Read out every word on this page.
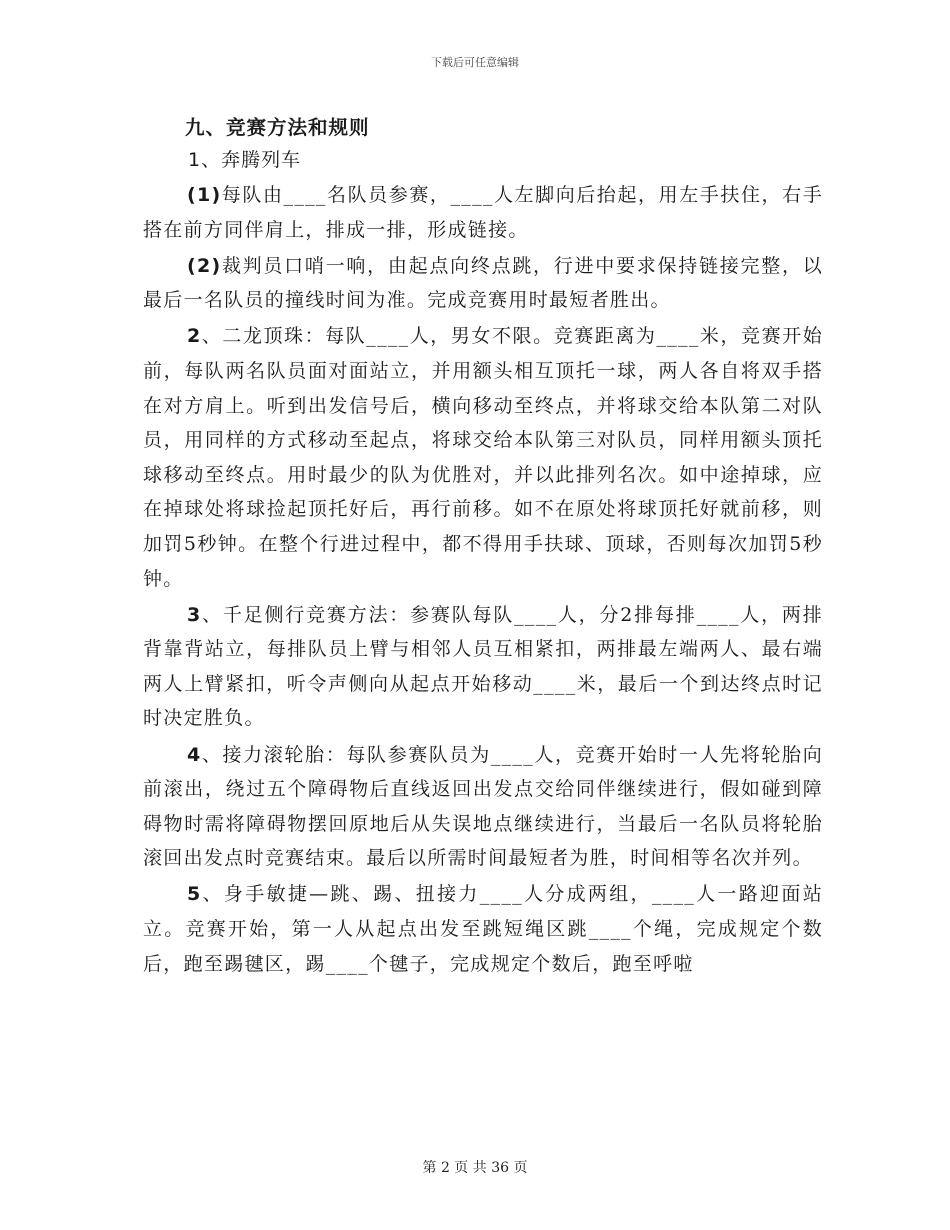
下载后可任意编辑
九、竞赛方法和规则
1、奔腾列车

(1)每队由____名队员参赛，____人左脚向后抬起，用左手扶住，右手搭在前方同伴肩上，排成一排，形成链接。

(2)裁判员口哨一响，由起点向终点跳，行进中要求保持链接完整，以最后一名队员的撞线时间为准。完成竞赛用时最短者胜出。

2、二龙顶珠：每队____人，男女不限。竞赛距离为____米，竞赛开始前，每队两名队员面对面站立，并用额头相互顶托一球，两人各自将双手搭在对方肩上。听到出发信号后，横向移动至终点，并将球交给本队第二对队员，用同样的方式移动至起点，将球交给本队第三对队员，同样用额头顶托球移动至终点。用时最少的队为优胜对，并以此排列名次。如中途掉球，应在掉球处将球捡起顶托好后，再行前移。如不在原处将球顶托好就前移，则加罚5秒钟。在整个行进过程中，都不得用手扶球、顶球，否则每次加罚5秒钟。

3、千足侧行竞赛方法：参赛队每队____人，分2排每排____人，两排背靠背站立，每排队员上臂与相邻人员互相紧扣，两排最左端两人、最右端两人上臂紧扣，听令声侧向从起点开始移动____米，最后一个到达终点时记时决定胜负。

4、接力滚轮胎：每队参赛队员为____人，竞赛开始时一人先将轮胎向前滚出，绕过五个障碍物后直线返回出发点交给同伴继续进行，假如碰到障碍物时需将障碍物摆回原地后从失误地点继续进行，当最后一名队员将轮胎滚回出发点时竞赛结束。最后以所需时间最短者为胜，时间相等名次并列。

5、身手敏捷—跳、踢、扭接力____人分成两组，____人一路迎面站立。竞赛开始，第一人从起点出发至跳短绳区跳____个绳，完成规定个数后，跑至踢毽区，踢____个毽子，完成规定个数后，跑至呼啦

第 2 页 共 36 页
